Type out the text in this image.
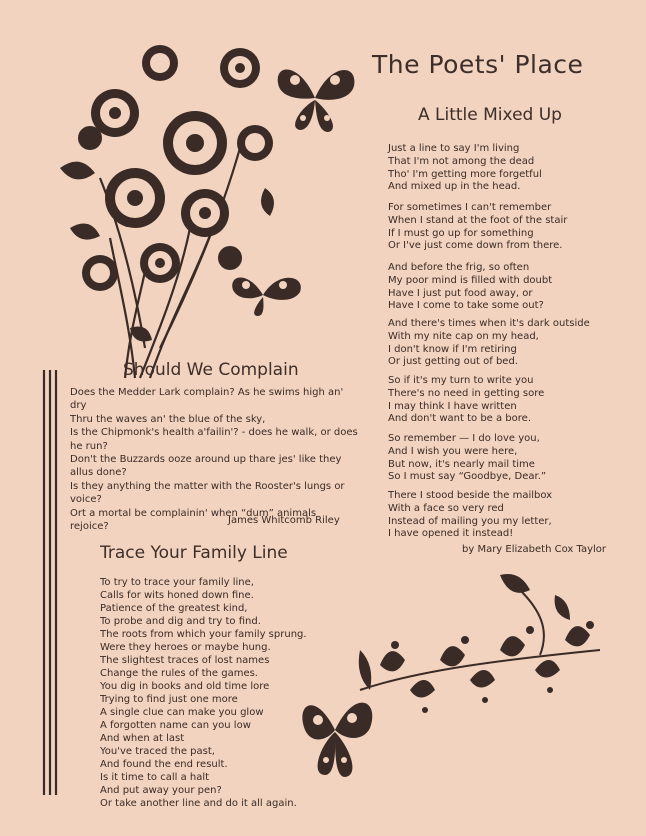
The Poets' Place
A Little Mixed Up
Just a line to say I'm living
That I'm not among the dead
Tho' I'm getting more forgetful
And mixed up in the head.
For sometimes I can't remember
When I stand at the foot of the stair
If I must go up for something
Or I've just come down from there.
And before the frig, so often
My poor mind is filled with doubt
Have I just put food away, or
Have I come to take some out?
And there's times when it's dark outside
With my nite cap on my head,
I don't know if I'm retiring
Or just getting out of bed.
So if it's my turn to write you
There's no need in getting sore
I may think I have written
And don't want to be a bore.
So remember — I do love you,
And I wish you were here,
But now, it's nearly mail time
So I must say “Goodbye, Dear.”
There I stood beside the mailbox
With a face so very red
Instead of mailing you my letter,
I have opened it instead!
by Mary Elizabeth Cox Taylor
Should We Complain
Does the Medder Lark complain? As he swims high an'
dry
Thru the waves an' the blue of the sky,
Is the Chipmonk's health a'failin'? - does he walk, or does
he run?
Don't the Buzzards ooze around up thare jes' like they
allus done?
Is they anything the matter with the Rooster's lungs or
voice?
Ort a mortal be complainin' when “dum” animals
rejoice?
James Whitcomb Riley
Trace Your Family Line
To try to trace your family line,
Calls for wits honed down fine.
Patience of the greatest kind,
To probe and dig and try to find.
The roots from which your family sprung.
Were they heroes or maybe hung.
The slightest traces of lost names
Change the rules of the games.
You dig in books and old time lore
Trying to find just one more
A single clue can make you glow
A forgotten name can you low
And when at last
You've traced the past,
And found the end result.
Is it time to call a halt
And put away your pen?
Or take another line and do it all again.
